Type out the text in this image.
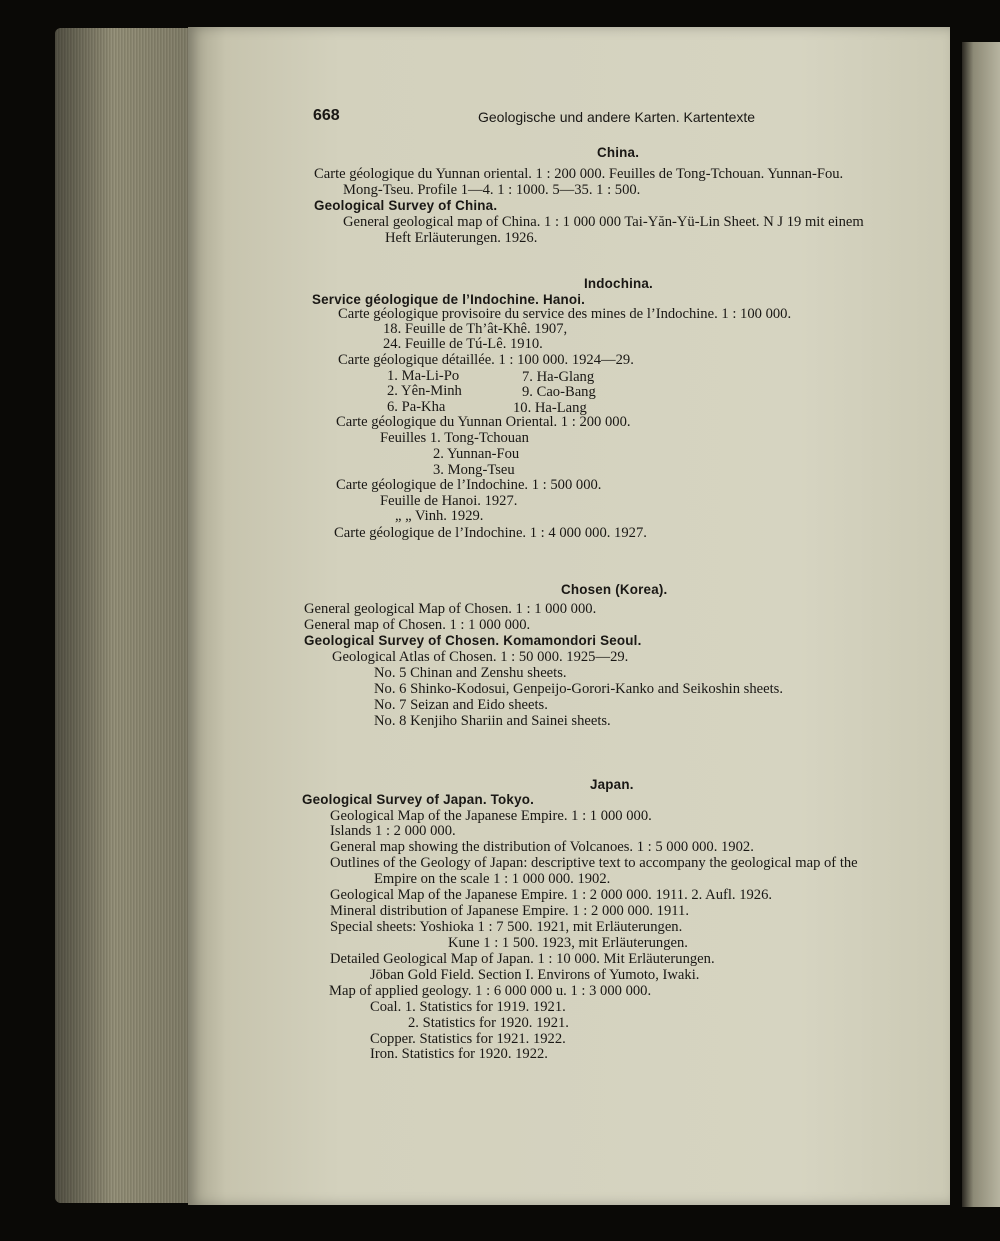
668	Geologische und andere Karten. Kartentexte
China.
Carte géologique du Yunnan oriental. 1 : 200 000. Feuilles de Tong-Tchouan. Yunnan-Fou.
Mong-Tseu. Profile 1—4. 1 : 1000. 5—35. 1 : 500.
Geological Survey of China.
General geological map of China. 1 : 1 000 000 Tai-Yăn-Yü-Lin Sheet. N J 19 mit einem
Heft Erläuterungen. 1926.
Indochina.
Service géologique de l’Indochine. Hanoi.
Carte géologique provisoire du service des mines de l’Indochine. 1 : 100 000.
18. Feuille de Th’ât-Khê. 1907,
24. Feuille de Tú-Lê. 1910.
Carte géologique détaillée. 1 : 100 000. 1924—29.
1. Ma-Li-Po	7. Ha-Glang
2. Yên-Minh	9. Cao-Bang
6. Pa-Kha	10. Ha-Lang
Carte géologique du Yunnan Oriental. 1 : 200 000.
Feuilles 1. Tong-Tchouan
2. Yunnan-Fou
3. Mong-Tseu
Carte géologique de l’Indochine. 1 : 500 000.
Feuille de Hanoi. 1927.
„ „ Vinh. 1929.
Carte géologique de l’Indochine. 1 : 4 000 000. 1927.
Chosen (Korea).
General geological Map of Chosen. 1 : 1 000 000.
General map of Chosen. 1 : 1 000 000.
Geological Survey of Chosen. Komamondori Seoul.
Geological Atlas of Chosen. 1 : 50 000. 1925—29.
No. 5 Chinan and Zenshu sheets.
No. 6 Shinko-Kodosui, Genpeijo-Gorori-Kanko and Seikoshin sheets.
No. 7 Seizan and Eido sheets.
No. 8 Kenjiho Shariin and Sainei sheets.
Japan.
Geological Survey of Japan. Tokyo.
Geological Map of the Japanese Empire. 1 : 1 000 000.
Islands 1 : 2 000 000.
General map showing the distribution of Volcanoes. 1 : 5 000 000. 1902.
Outlines of the Geology of Japan: descriptive text to accompany the geological map of the
Empire on the scale 1 : 1 000 000. 1902.
Geological Map of the Japanese Empire. 1 : 2 000 000. 1911. 2. Aufl. 1926.
Mineral distribution of Japanese Empire. 1 : 2 000 000. 1911.
Special sheets: Yoshioka 1 : 7 500. 1921, mit Erläuterungen.
Kune 1 : 1 500. 1923, mit Erläuterungen.
Detailed Geological Map of Japan. 1 : 10 000. Mit Erläuterungen.
Jōban Gold Field. Section I. Environs of Yumoto, Iwaki.
Map of applied geology. 1 : 6 000 000 u. 1 : 3 000 000.
Coal. 1. Statistics for 1919. 1921.
2. Statistics for 1920. 1921.
Copper. Statistics for 1921. 1922.
Iron. Statistics for 1920. 1922.
